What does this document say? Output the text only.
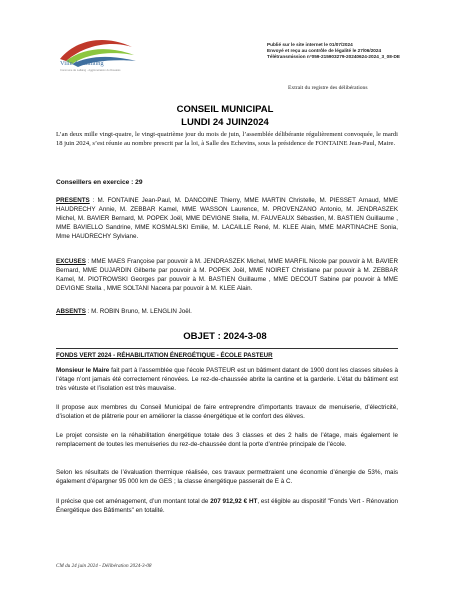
Ville de Lallaing
Commune de Lallaing - Agglomération du Douaisis
Publié sur le site internet le 01/07/2024
Envoyé et reçu au contrôle de légalité le 27/06/2024
Télétransmission n°059-215903279-20240624-2024_3_08-DE
Extrait du registre des délibérations
CONSEIL MUNICIPAL
LUNDI 24 JUIN2024
L’an deux mille vingt-quatre, le vingt-quatrième jour du mois de juin, l’assemblée délibérante régulièrement convoquée, le mardi 18 juin 2024, s’est réunie au nombre prescrit par la loi, à Salle des Echevins, sous la présidence de FONTAINE Jean-Paul, Maire.
Conseillers en exercice : 29
PRESENTS : M. FONTAINE Jean-Paul, M. DANCOINE Thierry, MME MARTIN Christelle, M. PIESSET Arnaud, MME HAUDRECHY Annie, M. ZEBBAR Kamel, MME WASSON Laurence, M. PROVENZANO Antonio, M. JENDRASZEK Michel, M. BAVIER Bernard, M. POPEK Joël, MME DEVIGNE Stella, M. FAUVEAUX Sébastien, M. BASTIEN Guillaume , MME BAVIELLO Sandrine, MME KOSMALSKI Emilie, M. LACAILLE René, M. KLEE Alain, MME MARTINACHE Sonia, Mme HAUDRECHY Sylviane.
EXCUSES : MME MAES Françoise par pouvoir à M. JENDRASZEK Michel, MME MARFIL Nicole par pouvoir à M. BAVIER Bernard, MME DUJARDIN Gilberte par pouvoir à M. POPEK Joël, MME NOIRET Christiane par pouvoir à M. ZEBBAR Kamel, M. PIOTROWSKI Georges par pouvoir à M. BASTIEN Guillaume , MME DECOUT Sabine par pouvoir à MME DEVIGNE Stella , MME SOLTANI Nacera par pouvoir à M. KLEE Alain.
ABSENTS : M. ROBIN Bruno, M. LENGLIN Joël.
OBJET : 2024-3-08
FONDS VERT 2024 - RÉHABILITATION ÉNERGÉTIQUE - ÉCOLE PASTEUR
Monsieur le Maire fait part à l’assemblée que l’école PASTEUR est un bâtiment datant de 1900 dont les classes situées à l’étage n’ont jamais été correctement rénovées. Le rez-de-chaussée abrite la cantine et la garderie. L’état du bâtiment est très vétuste et l’isolation est très mauvaise.
Il propose aux membres du Conseil Municipal de faire entreprendre d’importants travaux de menuiserie, d’électricité, d’isolation et de plâtrerie pour en améliorer la classe énergétique et le confort des élèves.
Le projet consiste en la réhabilitation énergétique totale des 3 classes et des 2 halls de l’étage, mais également le remplacement de toutes les menuiseries du rez-de-chaussée dont la porte d’entrée principale de l’école.
Selon les résultats de l’évaluation thermique réalisée, ces travaux permettraient une économie d’énergie de 53%, mais également d’épargner 95 000 km de GES ; la classe énergétique passerait de E à C.
Il précise que cet aménagement, d’un montant total de 207 912,92 € HT, est éligible au dispositif "Fonds Vert - Rénovation Énergétique des Bâtiments" en totalité.
CM du 24 juin 2024 - Délibération 2024-3-08
